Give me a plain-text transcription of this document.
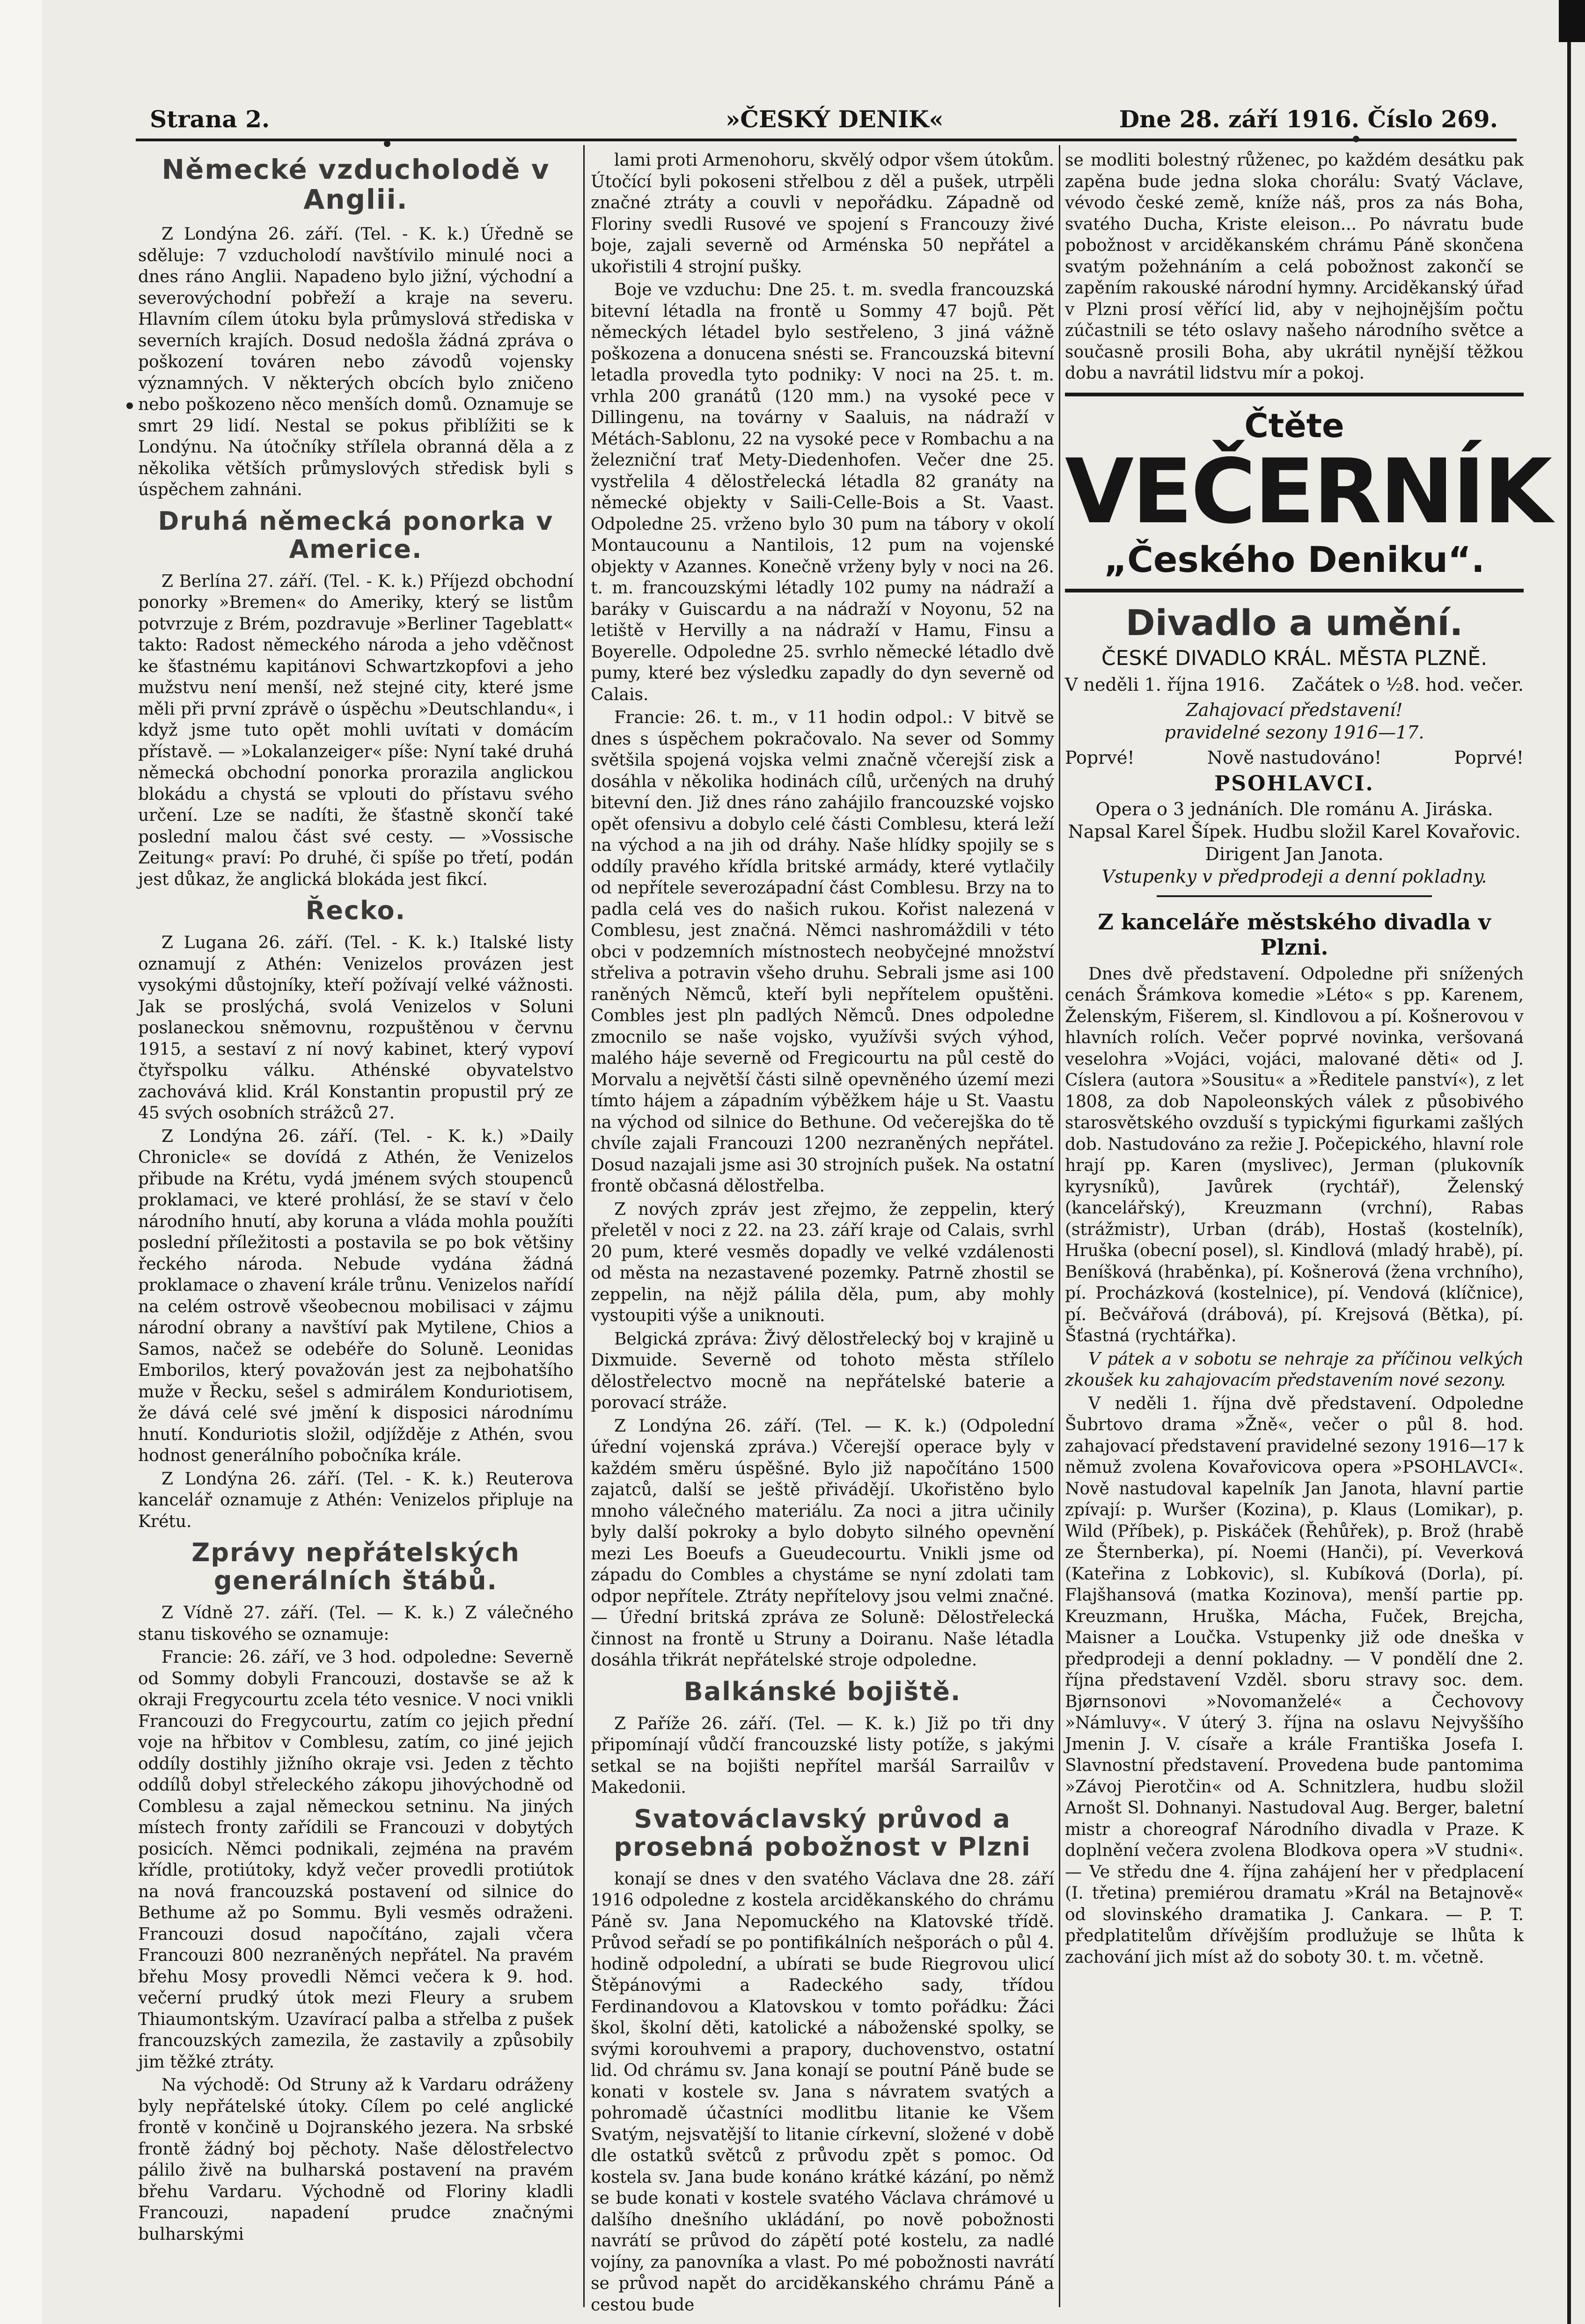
Strana 2.	»ČESKÝ DENIK«	Dne 28. září 1916. Číslo 269.
Německé vzducholodě v Anglii.

Z Londýna 26. září. (Tel. - K. k.) Úředně se sděluje: 7 vzducholodí navštívilo minulé noci a dnes ráno Anglii. Napadeno bylo jižní, východní a severovýchodní pobřeží a kraje na severu. Hlavním cílem útoku byla průmyslová střediska v severních krajích. Dosud nedošla žádná zpráva o poškození továren nebo závodů vojensky významných. V některých obcích bylo zničeno nebo poškozeno něco menších domů. Oznamuje se smrt 29 lidí. Nestal se pokus přiblížiti se k Londýnu. Na útočníky střílela obranná děla a z několika větších průmyslových středisk byli s úspěchem zahnáni.

Druhá německá ponorka v Americe.

Z Berlína 27. září. (Tel. - K. k.) Příjezd obchodní ponorky »Bremen« do Ameriky, který se listům potvrzuje z Brém, pozdravuje »Berliner Tageblatt« takto: Radost německého národa a jeho vděčnost ke šťastnému kapitánovi Schwartzkopfovi a jeho mužstvu není menší, než stejné city, které jsme měli při první zprávě o úspěchu »Deutschlandu«, i když jsme tuto opět mohli uvítati v domácím přístavě. — »Lokalanzeiger« píše: Nyní také druhá německá obchodní ponorka prorazila anglickou blokádu a chystá se vplouti do přístavu svého určení. Lze se nadíti, že šťastně skončí také poslední malou část své cesty. — »Vossische Zeitung« praví: Po druhé, či spíše po třetí, podán jest důkaz, že anglická blokáda jest fikcí.

Řecko.

Z Lugana 26. září. (Tel. - K. k.) Italské listy oznamují z Athén: Venizelos provázen jest vysokými důstojníky, kteří požívají velké vážnosti. Jak se proslýchá, svolá Venizelos v Soluni poslaneckou sněmovnu, rozpuštěnou v červnu 1915, a sestaví z ní nový kabinet, který vypoví čtyřspolku válku. Athénské obyvatelstvo zachovává klid. Král Konstantin propustil prý ze 45 svých osobních strážců 27.

Z Londýna 26. září. (Tel. - K. k.) »Daily Chronicle« se dovídá z Athén, že Venizelos přibude na Krétu, vydá jménem svých stoupenců proklamaci, ve které prohlásí, že se staví v čelo národního hnutí, aby koruna a vláda mohla použíti poslední příležitosti a postavila se po bok většiny řeckého národa. Nebude vydána žádná proklamace o zhavení krále trůnu. Venizelos nařídí na celém ostrově všeobecnou mobilisaci v zájmu národní obrany a navštíví pak Mytilene, Chios a Samos, načež se odebéře do Soluně. Leonidas Emborilos, který považován jest za nejbohatšího muže v Řecku, sešel s admirálem Konduriotisem, že dává celé své jmění k disposici národnímu hnutí. Konduriotis složil, odjížděje z Athén, svou hodnost generálního pobočníka krále.

Z Londýna 26. září. (Tel. - K. k.) Reuterova kancelář oznamuje z Athén: Venizelos připluje na Krétu.

Zprávy nepřátelských generálních štábů.

Z Vídně 27. září. (Tel. — K. k.) Z válečného stanu tiskového se oznamuje:

Francie: 26. září, ve 3 hod. odpoledne: Severně od Sommy dobyli Francouzi, dostavše se až k okraji Fregycourtu zcela této vesnice. V noci vnikli Francouzi do Fregycourtu, zatím co jejich přední voje na hřbitov v Comblesu, zatím, co jiné jejich oddíly dostihly jižního okraje vsi. Jeden z těchto oddílů dobyl střeleckého zákopu jihovýchodně od Comblesu a zajal německou setninu. Na jiných místech fronty zařídili se Francouzi v dobytých posicích. Němci podnikali, zejména na pravém křídle, protiútoky, když večer provedli protiútok na nová francouzská postavení od silnice do Bethume až po Sommu. Byli vesměs odraženi. Francouzi dosud napočítáno, zajali včera Francouzi 800 nezraněných nepřátel. Na pravém břehu Mosy provedli Němci večera k 9. hod. večerní prudký útok mezi Fleury a srubem Thiaumontským. Uzavírací palba a střelba z pušek francouzských zamezila, že zastavily a způsobily jim těžké ztráty.

Na východě: Od Struny až k Vardaru odráženy byly nepřátelské útoky. Cílem po celé anglické frontě v končině u Dojranského jezera. Na srbské frontě žádný boj pěchoty. Naše dělostřelectvo pálilo živě na bulharská postavení na pravém břehu Vardaru. Východně od Floriny kladli Francouzi, napadení prudce značnými bulharskými

lami proti Armenohoru, skvělý odpor všem útokům. Útočící byli pokoseni střelbou z děl a pušek, utrpěli značné ztráty a couvli v nepořádku. Západně od Floriny svedli Rusové ve spojení s Francouzy živé boje, zajali severně od Arménska 50 nepřátel a ukořistili 4 strojní pušky.

Boje ve vzduchu: Dne 25. t. m. svedla francouzská bitevní létadla na frontě u Sommy 47 bojů. Pět německých létadel bylo sestřeleno, 3 jiná vážně poškozena a donucena snésti se. Francouzská bitevní letadla provedla tyto podniky: V noci na 25. t. m. vrhla 200 granátů (120 mm.) na vysoké pece v Dillingenu, na továrny v Saaluis, na nádraží v Métách-Sablonu, 22 na vysoké pece v Rombachu a na železniční trať Mety-Diedenhofen. Večer dne 25. vystřelila 4 dělostřelecká létadla 82 granáty na německé objekty v Saili-Celle-Bois a St. Vaast. Odpoledne 25. vrženo bylo 30 pum na tábory v okolí Montaucounu a Nantilois, 12 pum na vojenské objekty v Azannes. Konečně vrženy byly v noci na 26. t. m. francouzskými létadly 102 pumy na nádraží a baráky v Guiscardu a na nádraží v Noyonu, 52 na letiště v Hervilly a na nádraží v Hamu, Finsu a Boyerelle. Odpoledne 25. svrhlo německé létadlo dvě pumy, které bez výsledku zapadly do dyn severně od Calais.

Francie: 26. t. m., v 11 hodin odpol.: V bitvě se dnes s úspěchem pokračovalo. Na sever od Sommy světšila spojená vojska velmi značně včerejší zisk a dosáhla v několika hodinách cílů, určených na druhý bitevní den. Již dnes ráno zahájilo francouzské vojsko opět ofensivu a dobylo celé části Comblesu, která leží na východ a na jih od dráhy. Naše hlídky spojily se s oddíly pravého křídla britské armády, které vytlačily od nepřítele severozápadní část Comblesu. Brzy na to padla celá ves do našich rukou. Kořist nalezená v Comblesu, jest značná. Němci nashromáždili v této obci v podzemních místnostech neobyčejné množství střeliva a potravin všeho druhu. Sebrali jsme asi 100 raněných Němců, kteří byli nepřítelem opuštěni. Combles jest pln padlých Němců. Dnes odpoledne zmocnilo se naše vojsko, využívši svých výhod, malého háje severně od Fregicourtu na půl cestě do Morvalu a největší části silně opevněného území mezi tímto hájem a západním výběžkem háje u St. Vaastu na východ od silnice do Bethune. Od večerejška do tě chvíle zajali Francouzi 1200 nezraněných nepřátel. Dosud nazajali jsme asi 30 strojních pušek. Na ostatní frontě občasná dělostřelba.

Z nových zpráv jest zřejmo, že zeppelin, který přeletěl v noci z 22. na 23. září kraje od Calais, svrhl 20 pum, které vesměs dopadly ve velké vzdálenosti od města na nezastavené pozemky. Patrně zhostil se zeppelin, na nějž pálila děla, pum, aby mohly vystoupiti výše a uniknouti.

Belgická zpráva: Živý dělostřelecký boj v krajině u Dixmuide. Severně od tohoto města střílelo dělostřelectvo mocně na nepřátelské baterie a porovací stráže.

Z Londýna 26. září. (Tel. — K. k.) (Odpolední úřední vojenská zpráva.) Včerejší operace byly v každém směru úspěšné. Bylo již napočítáno 1500 zajatců, další se ještě přivádějí. Ukořistěno bylo mnoho válečného materiálu. Za noci a jitra učinily byly další pokroky a bylo dobyto silného opevnění mezi Les Boeufs a Gueudecourtu. Vnikli jsme od západu do Combles a chystáme se nyní zdolati tam odpor nepřítele. Ztráty nepřítelovy jsou velmi značné. — Úřední britská zpráva ze Soluně: Dělostřelecká činnost na frontě u Struny a Doiranu. Naše létadla dosáhla třikrát nepřátelské stroje odpoledne.

Balkánské bojiště.

Z Paříže 26. září. (Tel. — K. k.) Již po tři dny připomínají vůdčí francouzské listy potíže, s jakými setkal se na bojišti nepřítel maršál Sarrailův v Makedonii.

Svatováclavský průvod a prosebná pobožnost v Plzni

konají se dnes v den svatého Václava dne 28. září 1916 odpoledne z kostela arciděkanského do chrámu Páně sv. Jana Nepomuckého na Klatovské třídě. Průvod seřadí se po pontifikálních nešporách o půl 4. hodině odpolední, a ubírati se bude Riegrovou ulicí Štěpánovými a Radeckého sady, třídou Ferdinandovou a Klatovskou v tomto pořádku: Žáci škol, školní děti, katolické a náboženské spolky, se svými korouhvemi a prapory, duchovenstvo, ostatní lid. Od chrámu sv. Jana konají se poutní Páně bude se konati v kostele sv. Jana s návratem svatých a pohromadě účastníci modlitbu litanie ke Všem Svatým, nejsvatější to litanie církevní, složené v době dle ostatků světců z průvodu zpět s pomoc. Od kostela sv. Jana bude konáno krátké kázání, po němž se bude konati v kostele svatého Václava chrámové u dalšího dnešního ukládání, po nově pobožnosti navrátí se průvod do zápětí poté kostelu, za nadlé vojíny, za panovníka a vlast. Po mé pobožnosti navrátí se průvod napět do arciděkanského chrámu Páně a cestou bude

se modliti bolestný růženec, po každém desátku pak zapěna bude jedna sloka chorálu: Svatý Václave, vévodo české země, kníže náš, pros za nás Boha, svatého Ducha, Kriste eleison... Po návratu bude pobožnost v arciděkanském chrámu Páně skončena svatým požehnáním a celá pobožnost zakončí se zapěním rakouské národní hymny. Arciděkanský úřad v Plzni prosí věřící lid, aby v nejhojnějším počtu zúčastnili se této oslavy našeho národního světce a současně prosili Boha, aby ukrátil nynější těžkou dobu a navrátil lidstvu mír a pokoj.

Čtěte

VEČERNÍK

„Českého Deniku“.

Divadlo a umění.

ČESKÉ DIVADLO KRÁL. MĚSTA PLZNĚ.

V neděli 1. října 1916. Začátek o ½8. hod. večer.

Zahajovací představení!

pravidelné sezony 1916—17.

Poprvé!	Nově nastudováno!	Poprvé!

PSOHLAVCI.

Opera o 3 jednáních. Dle románu A. Jiráska. Napsal Karel Šípek. Hudbu složil Karel Kovařovic. Dirigent Jan Janota.

Vstupenky v předprodeji a denní pokladny.

Z kanceláře městského divadla v Plzni.

Dnes dvě představení. Odpoledne při snížených cenách Šrámkova komedie »Léto« s pp. Karenem, Želenským, Fišerem, sl. Kindlovou a pí. Košnerovou v hlavních rolích. Večer poprvé novinka, veršovaná veselohra »Vojáci, vojáci, malované děti« od J. Císlera (autora »Sousitu« a »Ředitele panství«), z let 1808, za dob Napoleonských válek z působivého starosvětského ovzduší s typickými figurkami zašlých dob. Nastudováno za režie J. Počepického, hlavní role hrají pp. Karen (myslivec), Jerman (plukovník kyrysníků), Javůrek (rychtář), Želenský (kancelářský), Kreuzmann (vrchní), Rabas (strážmistr), Urban (dráb), Hostaš (kostelník), Hruška (obecní posel), sl. Kindlová (mladý hrabě), pí. Beníšková (hraběnka), pí. Košnerová (žena vrchního), pí. Procházková (kostelnice), pí. Vendová (klíčnice), pí. Bečvářová (drábová), pí. Krejsová (Bětka), pí. Šťastná (rychtářka).

V pátek a v sobotu se nehraje za příčinou velkých zkoušek ku zahajovacím představením nové sezony.

V neděli 1. října dvě představení. Odpoledne Šubrtovo drama »Žně«, večer o půl 8. hod. zahajovací představení pravidelné sezony 1916—17 k němuž zvolena Kovařovicova opera »PSOHLAVCI«. Nově nastudoval kapelník Jan Janota, hlavní partie zpívají: p. Wuršer (Kozina), p. Klaus (Lomikar), p. Wild (Příbek), p. Piskáček (Řehůřek), p. Brož (hrabě ze Šternberka), pí. Noemi (Hanči), pí. Veverková (Kateřina z Lobkovic), sl. Kubíková (Dorla), pí. Flajšhansová (matka Kozinova), menší partie pp. Kreuzmann, Hruška, Mácha, Fuček, Brejcha, Maisner a Loučka. Vstupenky již ode dneška v předprodeji a denní pokladny. — V pondělí dne 2. října představení Vzděl. sboru stravy soc. dem. Bjørnsonovi »Novomanželé« a Čechovovy »Námluvy«. V úterý 3. října na oslavu Nejvyššího Jmenin J. V. císaře a krále Františka Josefa I. Slavnostní představení. Provedena bude pantomima »Závoj Pierotčin« od A. Schnitzlera, hudbu složil Arnošt Sl. Dohnanyi. Nastudoval Aug. Berger, baletní mistr a choreograf Národního divadla v Praze. K doplnění večera zvolena Blodkova opera »V studni«. — Ve středu dne 4. října zahájení her v předplacení (I. třetina) premiérou dramatu »Král na Betajnově« od slovinského dramatika J. Cankara. — P. T. předplatitelům dřívějším prodlužuje se lhůta k zachování jich míst až do soboty 30. t. m. včetně.
